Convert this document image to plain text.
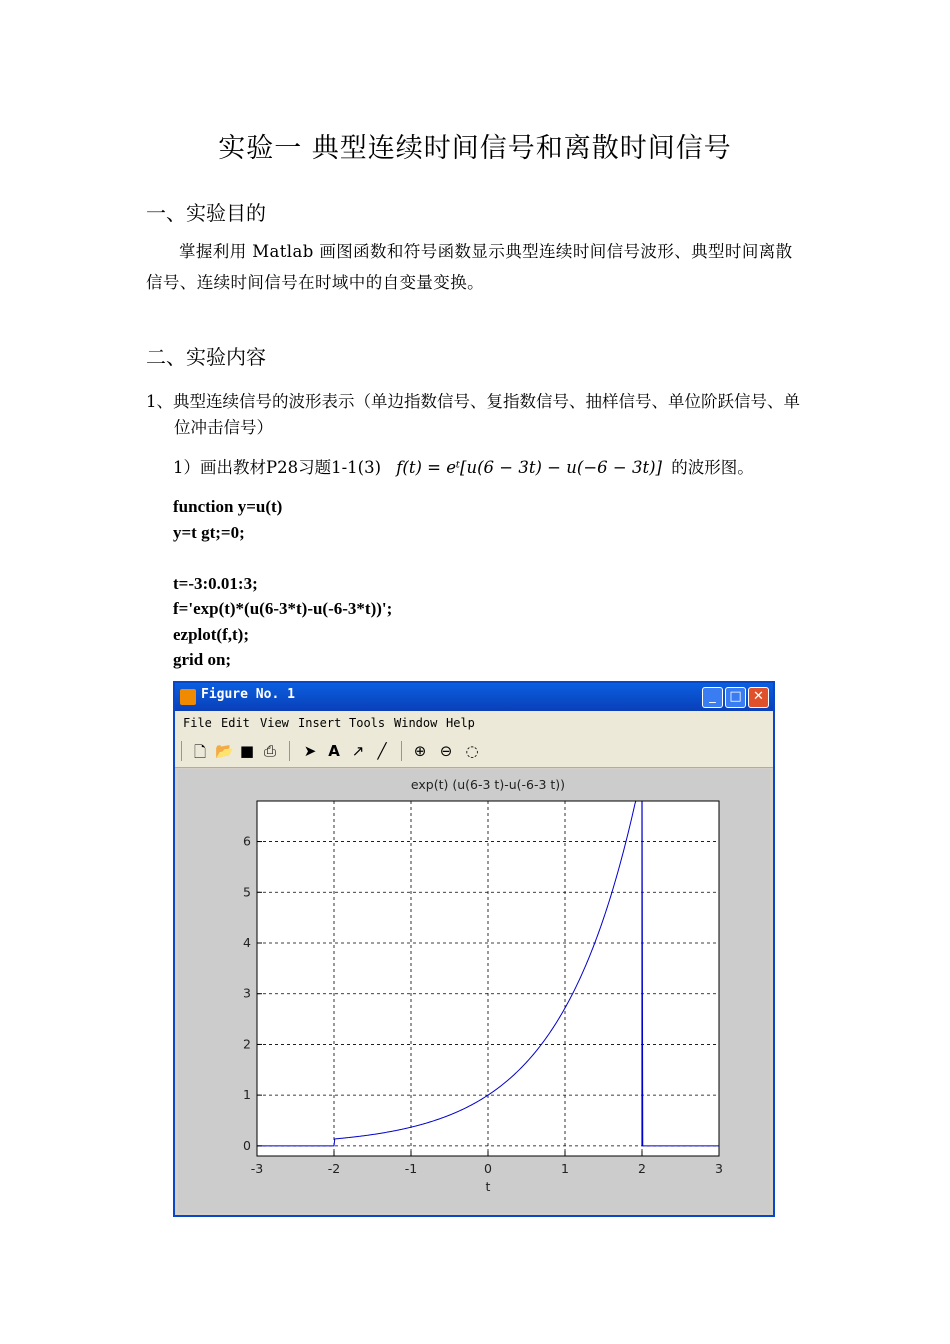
实验一 典型连续时间信号和离散时间信号
一、实验目的
掌握利用 Matlab 画图函数和符号函数显示典型连续时间信号波形、典型时间离散信号、连续时间信号在时域中的自变量变换。
二、实验内容
1、典型连续信号的波形表示（单边指数信号、复指数信号、抽样信号、单位阶跃信号、单位冲击信号）
1）画出教材P28习题1-1(3) f(t) = eᵗ[u(6 − 3t) − u(−6 − 3t)] 的波形图。
function y=u(t)
y=t gt;=0;
t=-3:0.01:3;
f='exp(t)*(u(6-3*t)-u(-6-3*t))';
ezplot(f,t);
grid on;
Figure No. 1	_	□ ✕
File Edit View Insert Tools Window Help
🗋 📂 ■ ⎙ ➤ A ↗ ╱ ⊕ ⊖ ◌
-3	-2	-1	0	1	2	3
0
1
2
3
4
5
6
exp(t) (u(6-3 t)-u(-6-3 t))
t
